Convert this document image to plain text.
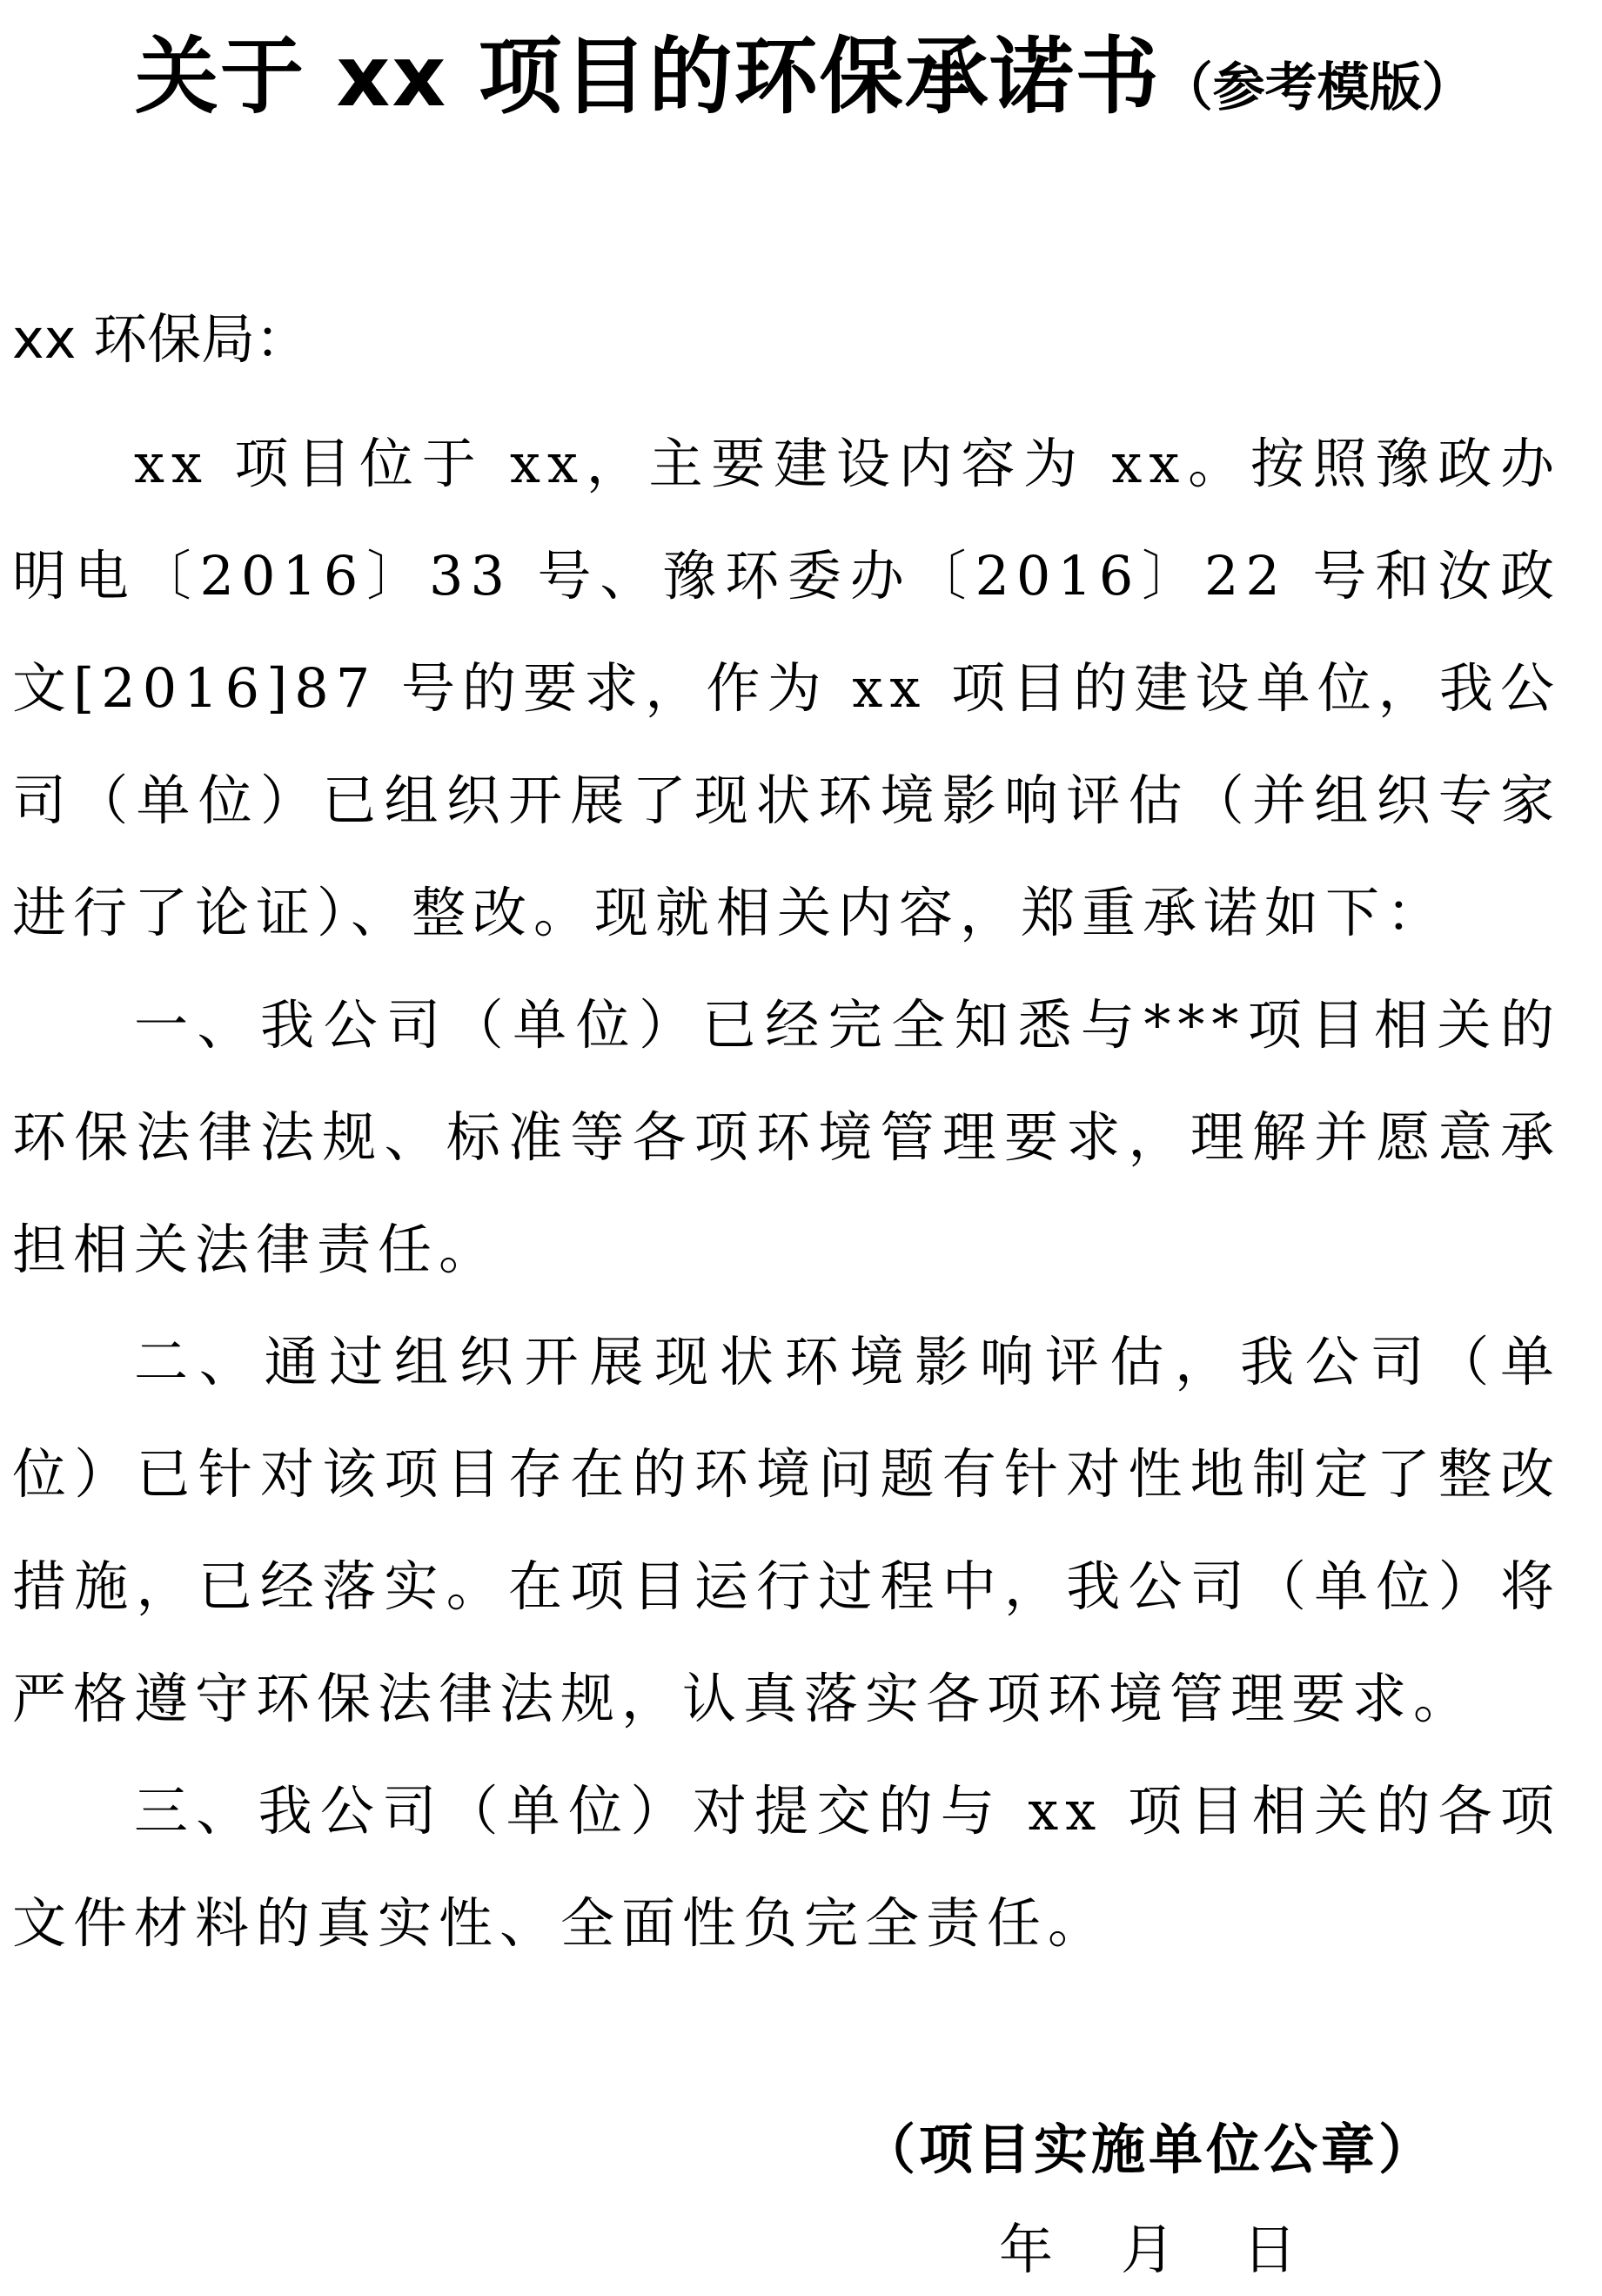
关于 xx 项目的环保承诺书（参考模版）
xx 环保局：

xx 项目位于 xx，主要建设内容为 xx。按照豫政办明电〔2016〕33 号、豫环委办〔2016〕22 号和汝政文[2016]87 号的要求，作为 xx 项目的建设单位，我公司（单位）已组织开展了现状环境影响评估（并组织专家进行了论证）、整改。现就相关内容，郑重承诺如下：

一、我公司（单位）已经完全知悉与***项目相关的环保法律法规、标准等各项环境管理要求，理解并愿意承担相关法律责任。

二、通过组织开展现状环境影响评估，我公司（单位）已针对该项目存在的环境问题有针对性地制定了整改措施，已经落实。在项目运行过程中，我公司（单位）将严格遵守环保法律法规，认真落实各项环境管理要求。

三、我公司（单位）对提交的与 xx 项目相关的各项文件材料的真实性、全面性负完全责任。

（项目实施单位公章）
年 月 日
